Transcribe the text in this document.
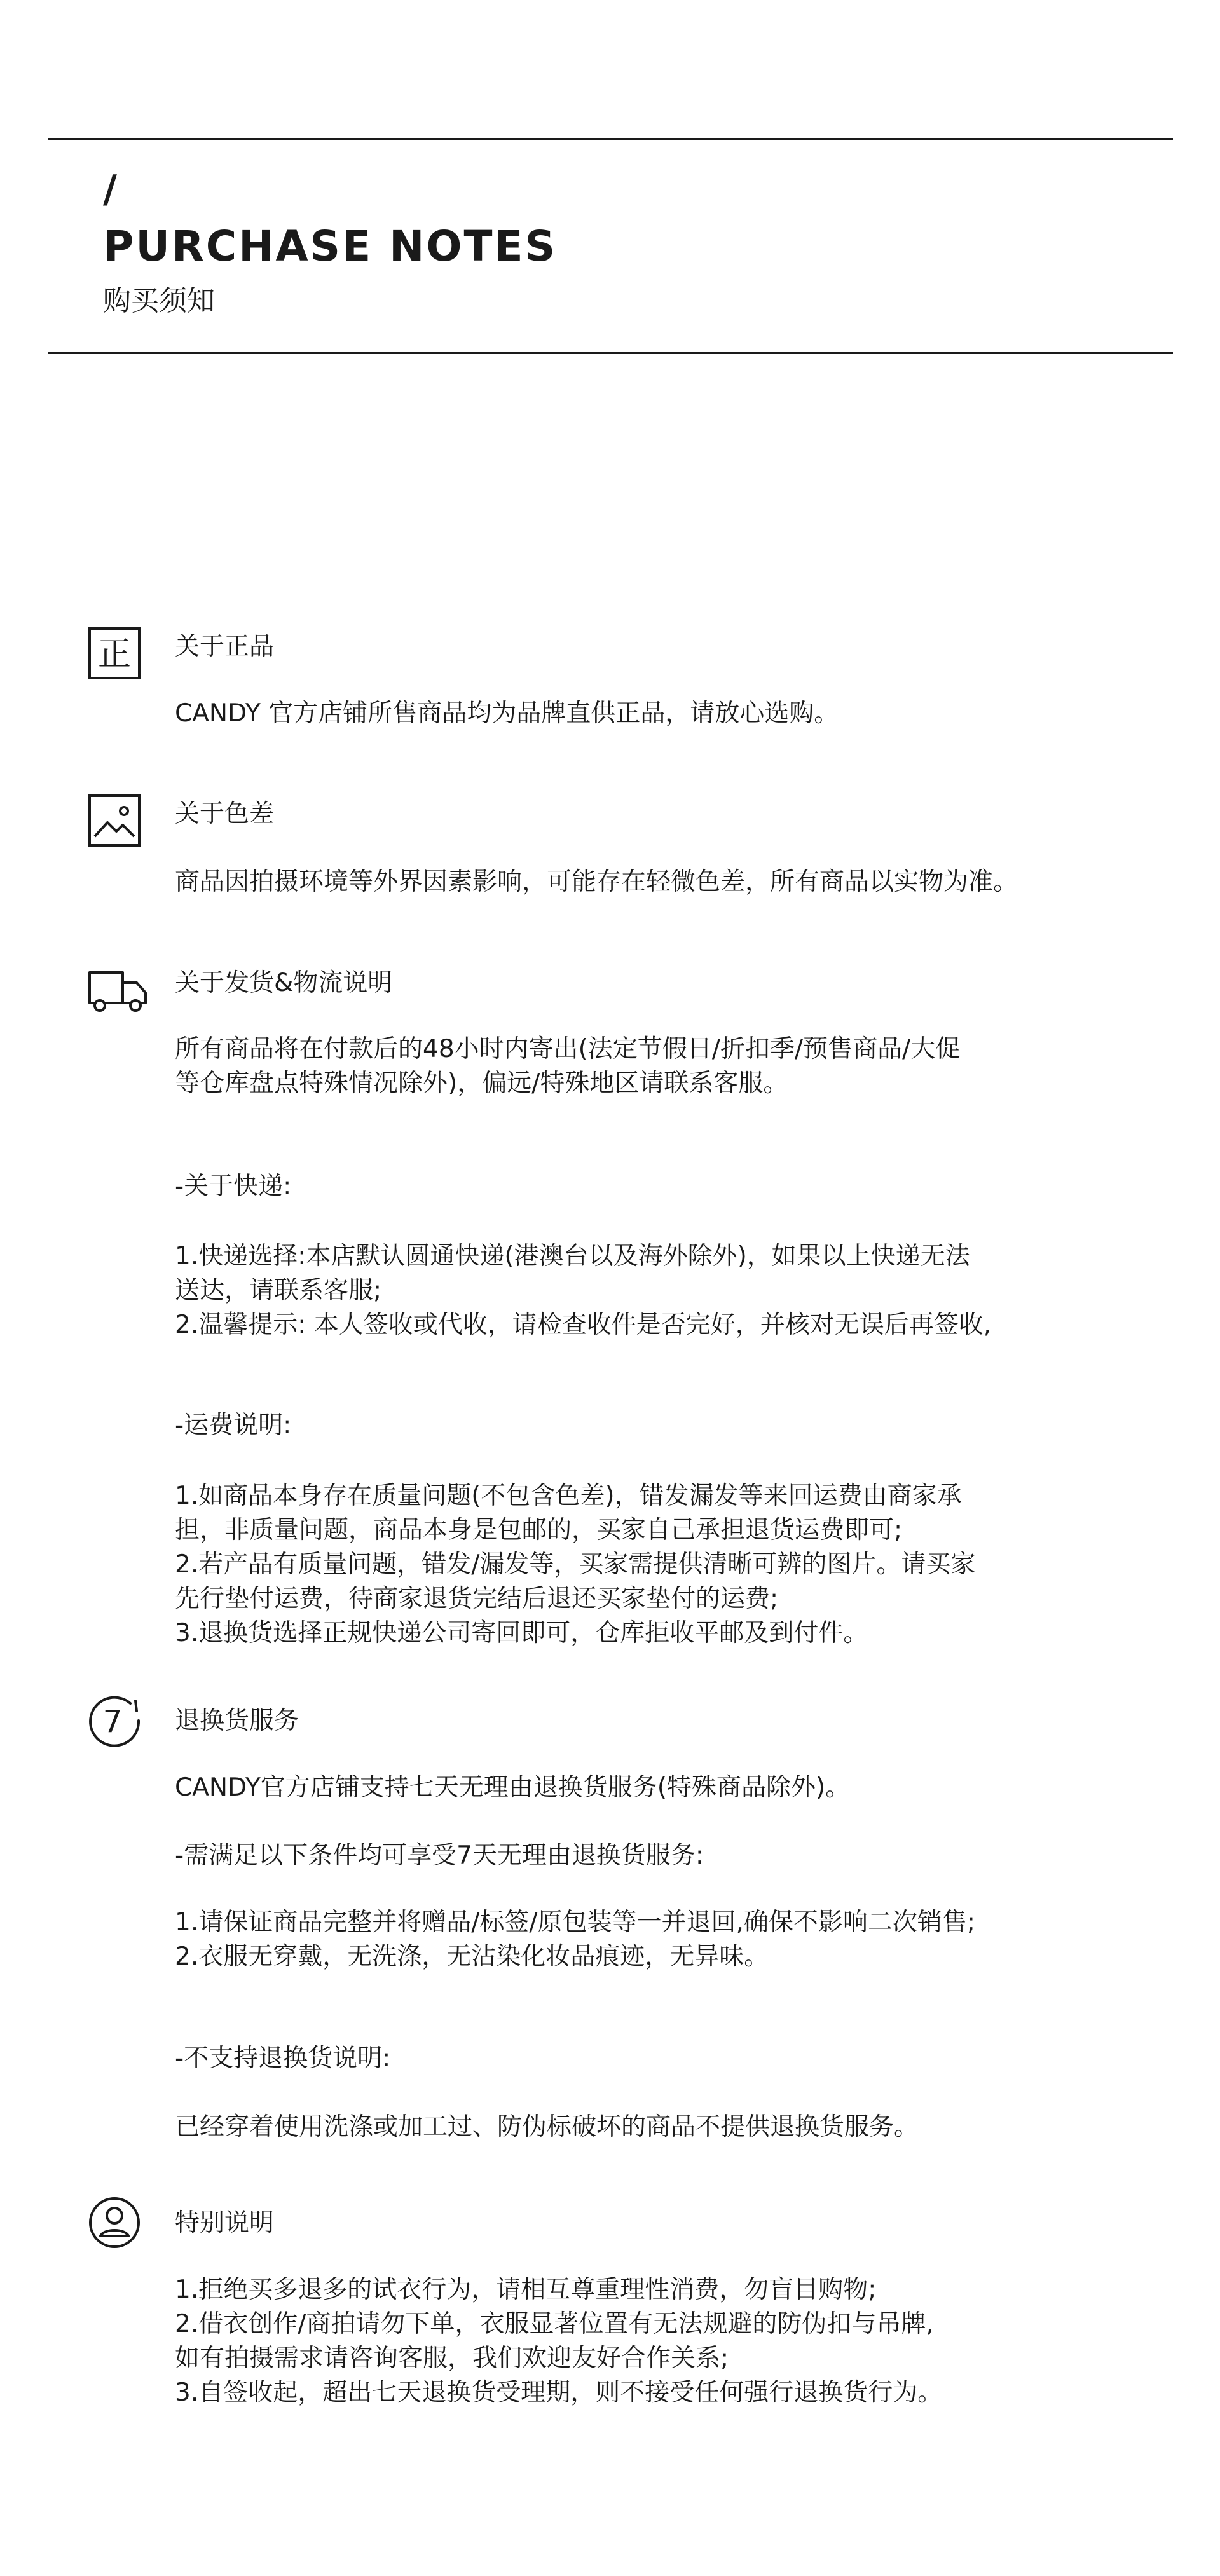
/
PURCHASE NOTES
购买须知
正 关于正品
CANDY 官方店铺所售商品均为品牌直供正品，请放心选购。
关于色差
商品因拍摄环境等外界因素影响，可能存在轻微色差，所有商品以实物为准。
关于发货&物流说明
所有商品将在付款后的48小时内寄出(法定节假日/折扣季/预售商品/大促
等仓库盘点特殊情况除外)，偏远/特殊地区请联系客服。
-关于快递:
1.快递选择:本店默认圆通快递(港澳台以及海外除外)，如果以上快递无法
送达，请联系客服;
2.温馨提示: 本人签收或代收，请检查收件是否完好，并核对无误后再签收,
-运费说明:
1.如商品本身存在质量问题(不包含色差)，错发漏发等来回运费由商家承
担，非质量问题，商品本身是包邮的，买家自己承担退货运费即可;
2.若产品有质量问题，错发/漏发等，买家需提供清晰可辨的图片。请买家
先行垫付运费，待商家退货完结后退还买家垫付的运费;
3.退换货选择正规快递公司寄回即可，仓库拒收平邮及到付件。
7 退换货服务
CANDY官方店铺支持七天无理由退换货服务(特殊商品除外)。
-需满足以下条件均可享受7天无理由退换货服务:
1.请保证商品完整并将赠品/标签/原包装等一并退回,确保不影响二次销售;
2.衣服无穿戴，无洗涤，无沾染化妆品痕迹，无异味。
-不支持退换货说明:
已经穿着使用洗涤或加工过、防伪标破坏的商品不提供退换货服务。
特别说明
1.拒绝买多退多的试衣行为，请相互尊重理性消费，勿盲目购物;
2.借衣创作/商拍请勿下单，衣服显著位置有无法规避的防伪扣与吊牌,
如有拍摄需求请咨询客服，我们欢迎友好合作关系;
3.自签收起，超出七天退换货受理期，则不接受任何强行退换货行为。
